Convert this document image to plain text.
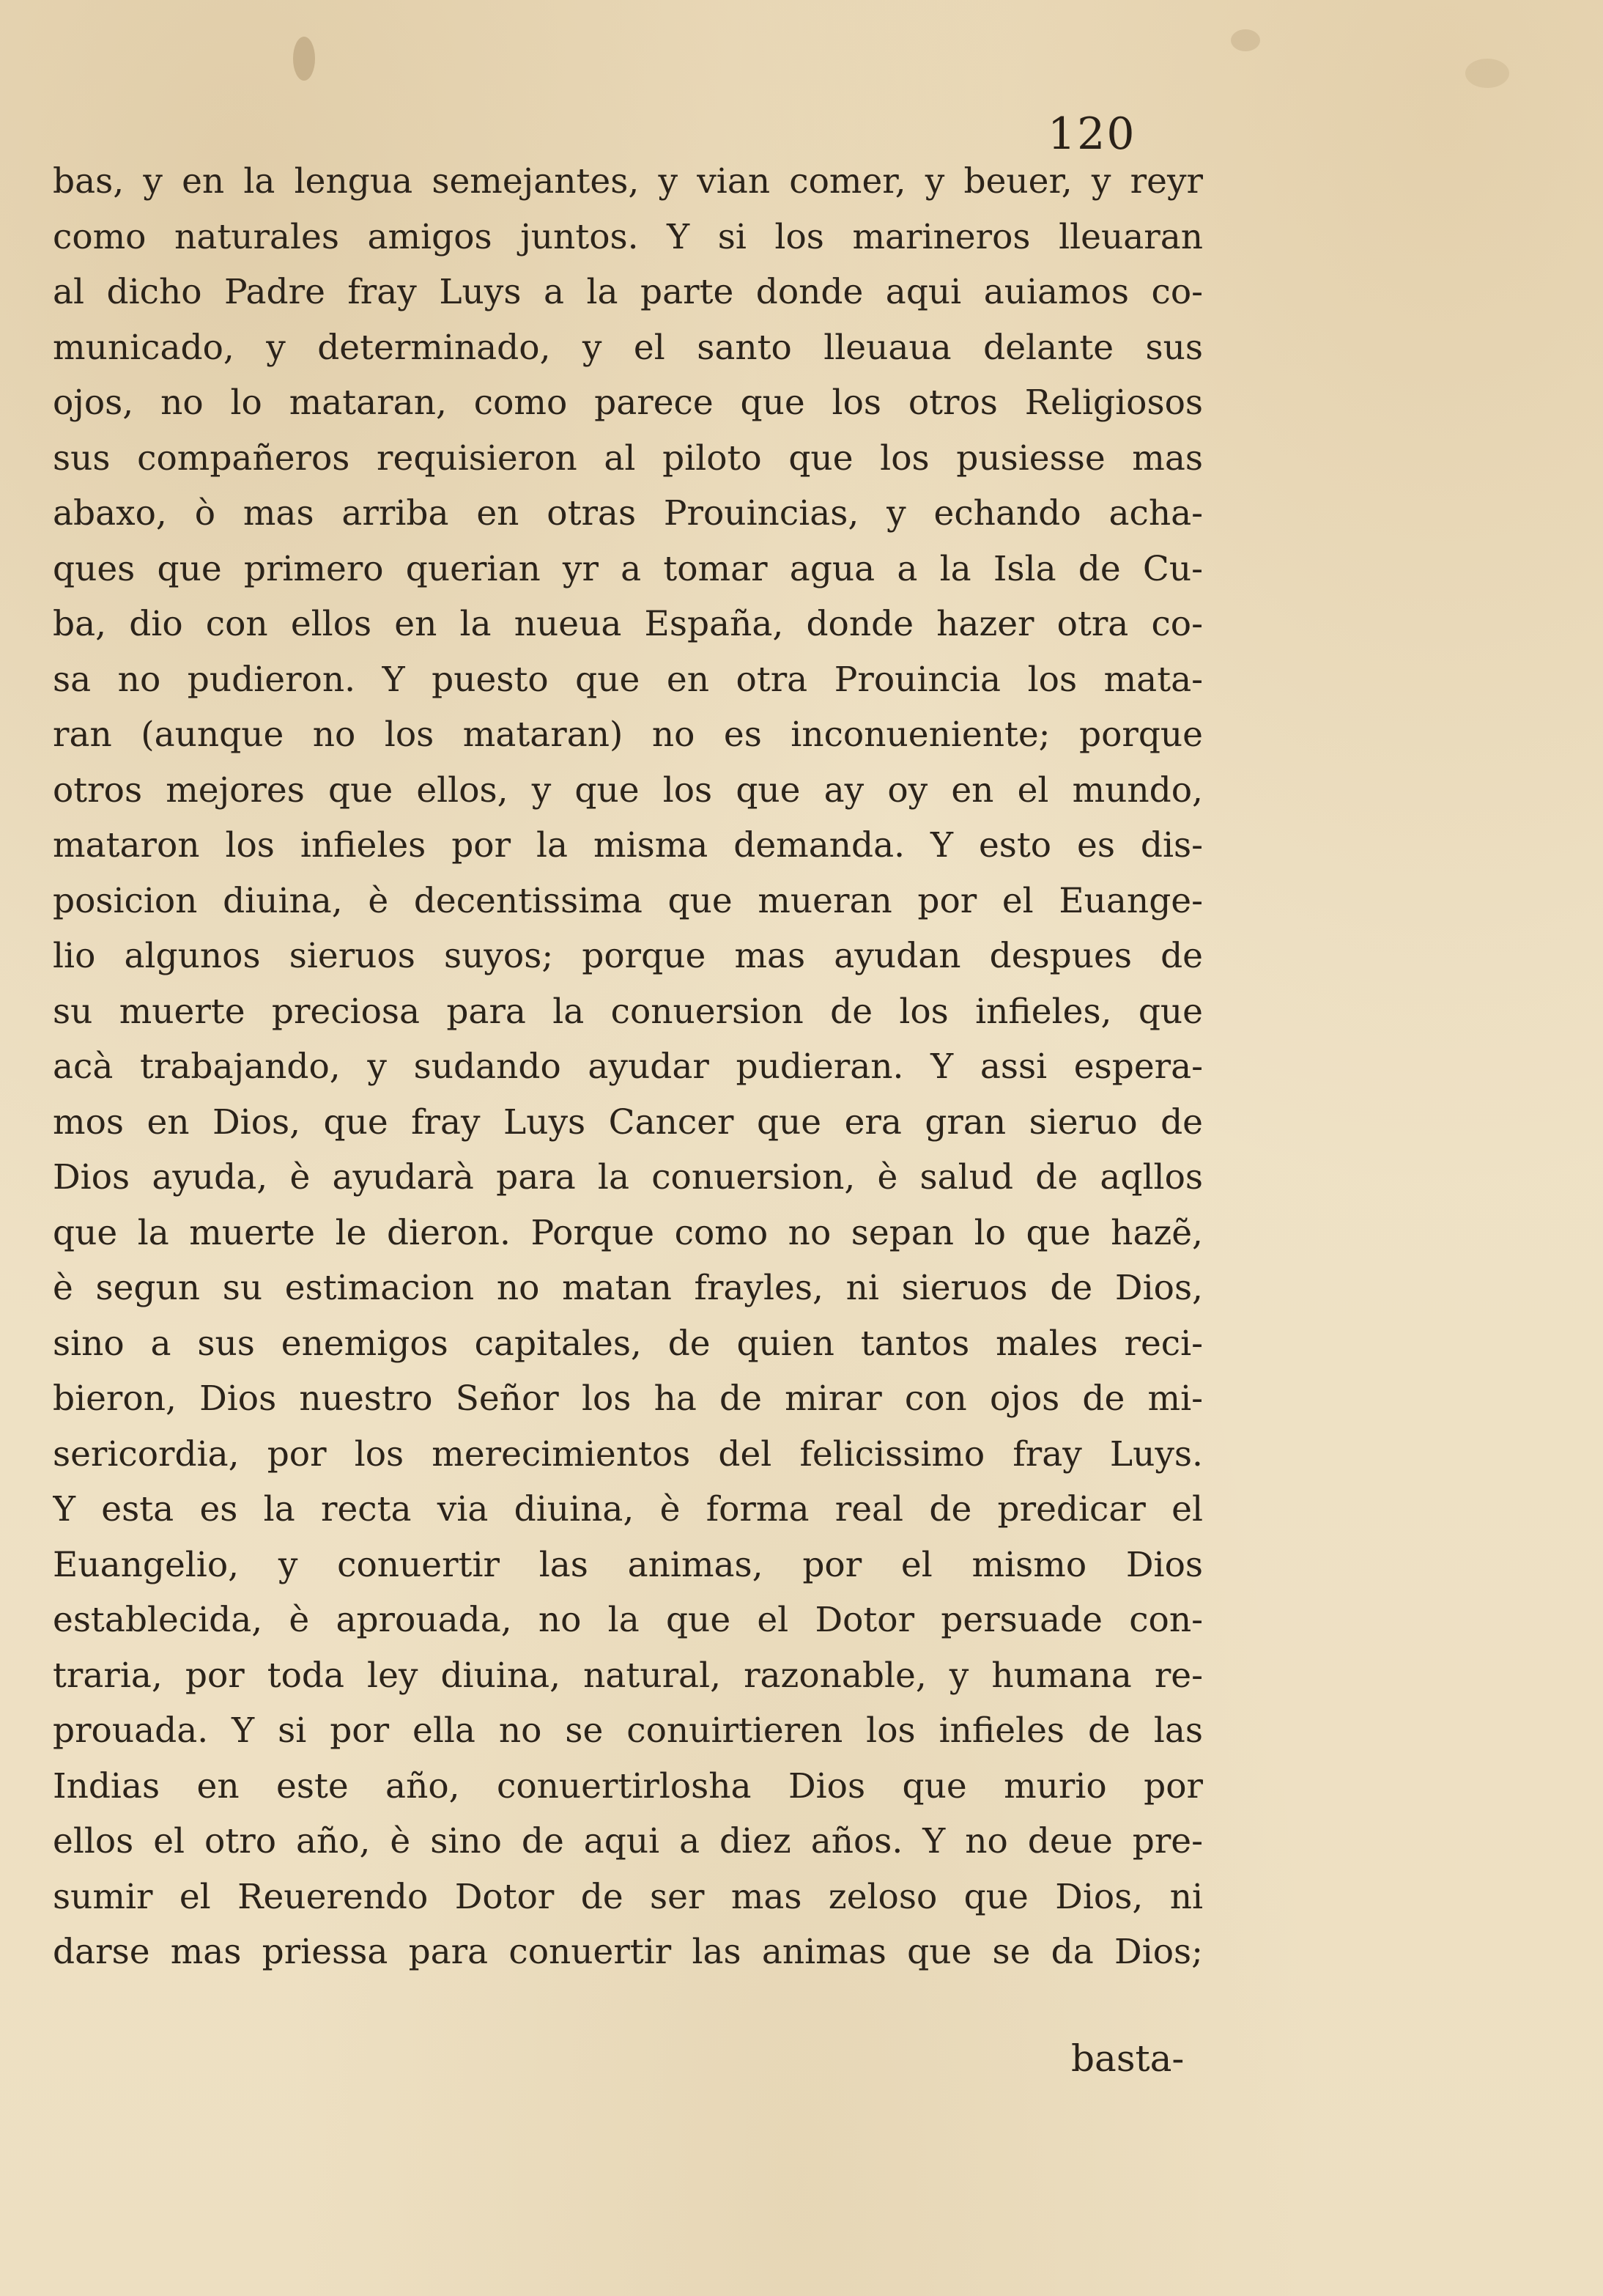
120
bas, y en la lengua semejantes, y vian comer, y beuer, y reyr
como naturales amigos juntos. Y si los marineros lleuaran
al dicho Padre fray Luys a la parte donde aqui auiamos co-
municado, y determinado, y el santo lleuaua delante sus
ojos, no lo mataran, como parece que los otros Religiosos
sus compañeros requisieron al piloto que los pusiesse mas
abaxo, ò mas arriba en otras Prouincias, y echando acha-
ques que primero querian yr a tomar agua a la Isla de Cu-
ba, dio con ellos en la nueua España, donde hazer otra co-
sa no pudieron. Y puesto que en otra Prouincia los mata-
ran (aunque no los mataran) no es inconueniente; porque
otros mejores que ellos, y que los que ay oy en el mundo,
mataron los infieles por la misma demanda. Y esto es dis-
posicion diuina, è decentissima que mueran por el Euange-
lio algunos sieruos suyos; porque mas ayudan despues de
su muerte preciosa para la conuersion de los infieles, que
acà trabajando, y sudando ayudar pudieran. Y assi espera-
mos en Dios, que fray Luys Cancer que era gran sieruo de
Dios ayuda, è ayudarà para la conuersion, è salud de aqllos
que la muerte le dieron. Porque como no sepan lo que hazẽ,
è segun su estimacion no matan frayles, ni sieruos de Dios,
sino a sus enemigos capitales, de quien tantos males reci-
bieron, Dios nuestro Señor los ha de mirar con ojos de mi-
sericordia, por los merecimientos del felicissimo fray Luys.
Y esta es la recta via diuina, è forma real de predicar el
Euangelio, y conuertir las animas, por el mismo Dios
establecida, è aprouada, no la que el Dotor persuade con-
traria, por toda ley diuina, natural, razonable, y humana re-
prouada. Y si por ella no se conuirtieren los infieles de las
Indias en este año, conuertirlosha Dios que murio por
ellos el otro año, è sino de aqui a diez años. Y no deue pre-
sumir el Reuerendo Dotor de ser mas zeloso que Dios, ni
darse mas priessa para conuertir las animas que se da Dios;
basta-
